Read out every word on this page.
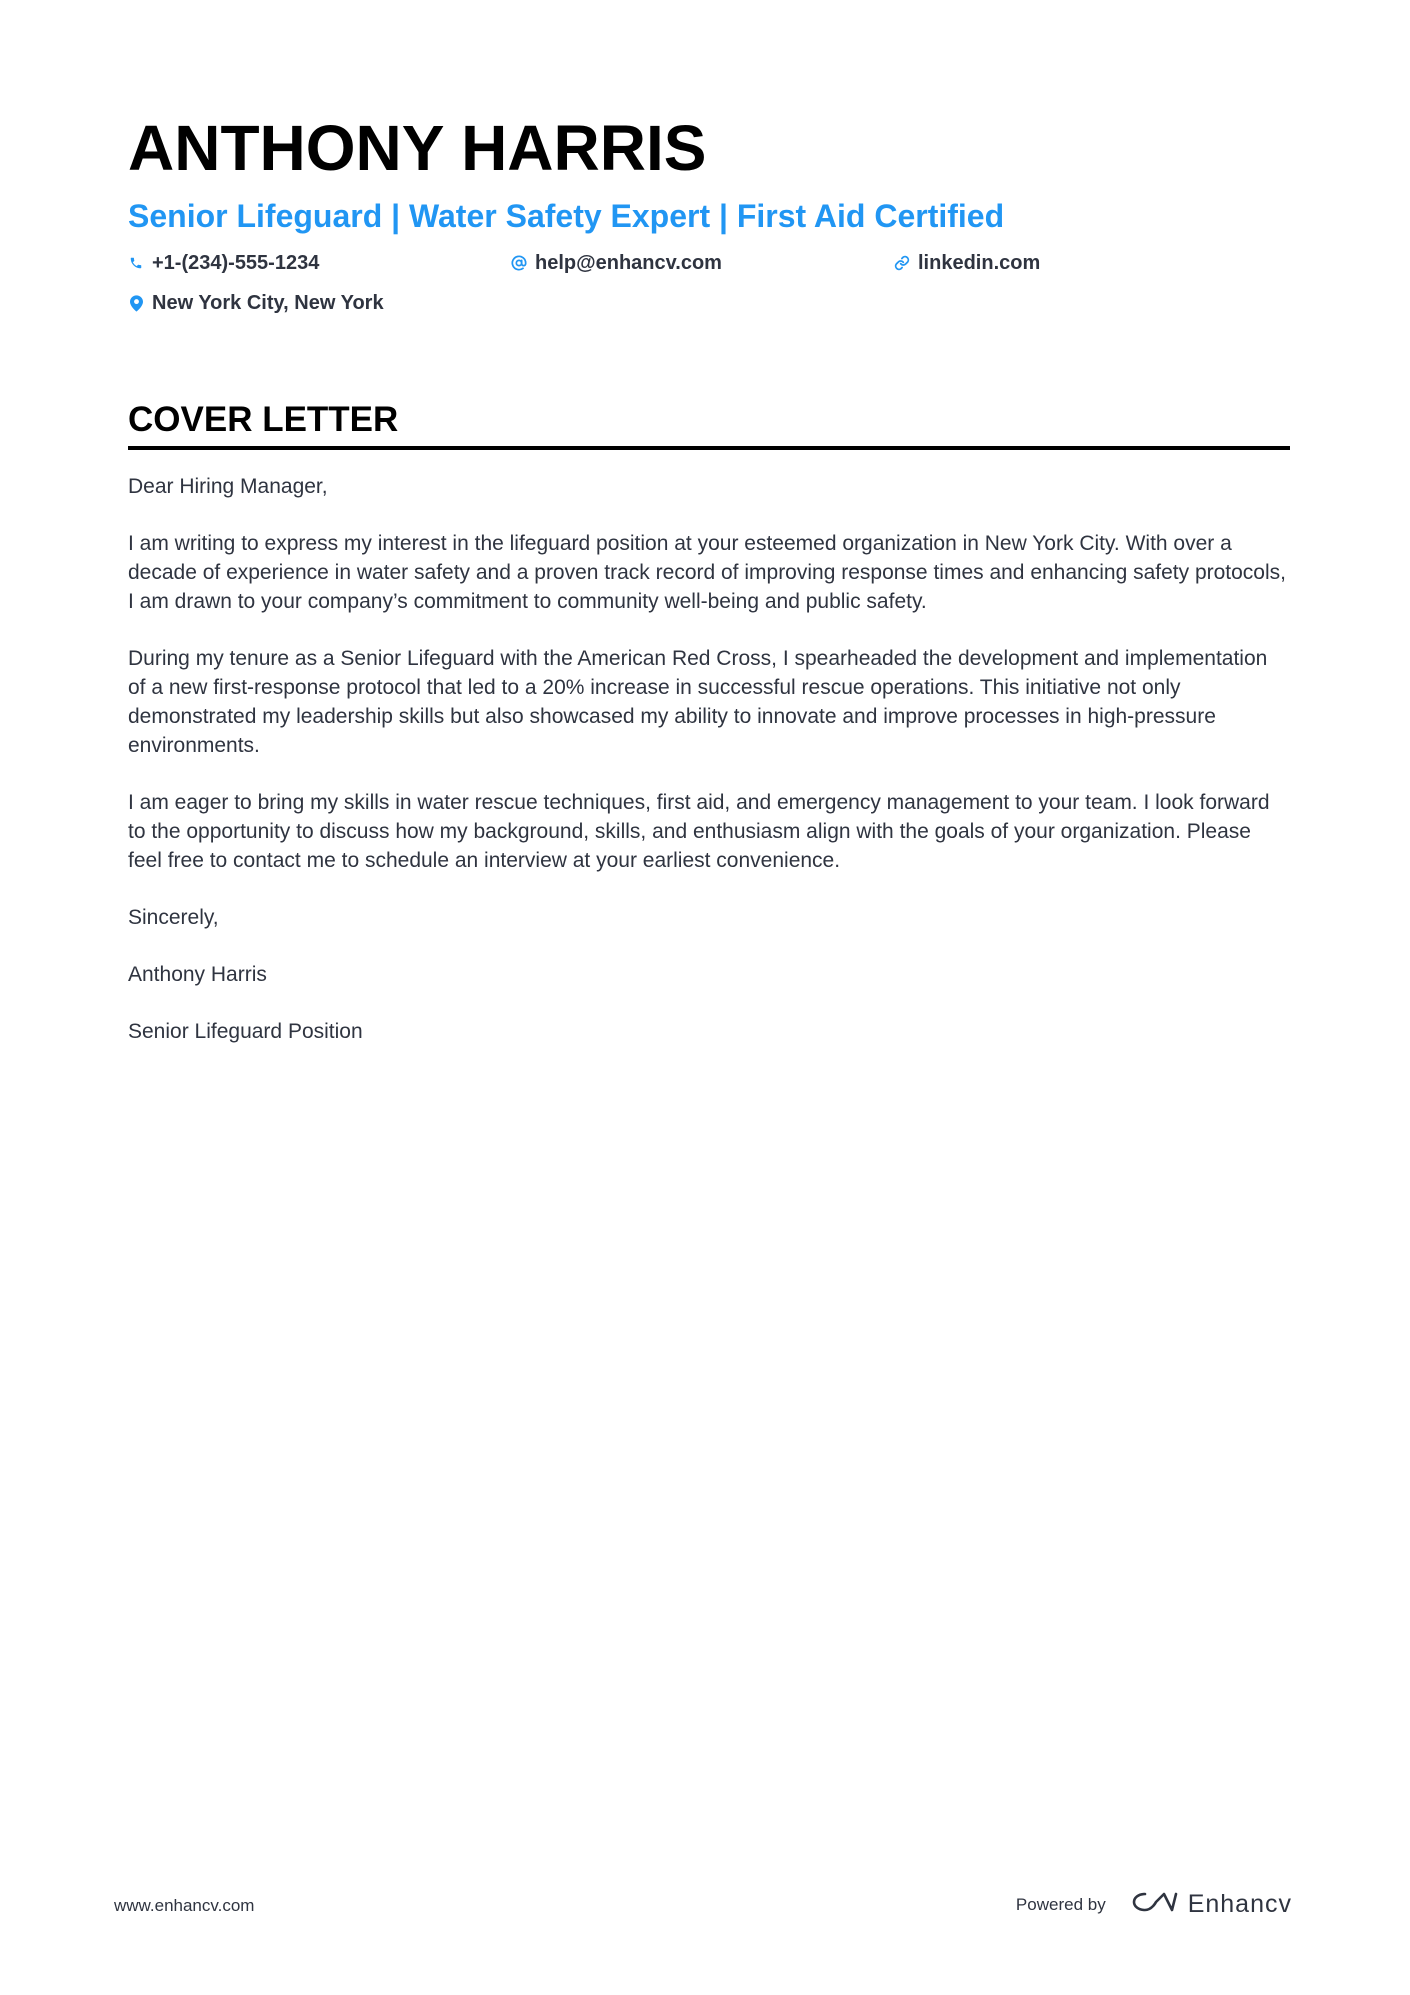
ANTHONY HARRIS
Senior Lifeguard | Water Safety Expert | First Aid Certified
+1-(234)-555-1234	help@enhancv.com	linkedin.com
New York City, New York
COVER LETTER

Dear Hiring Manager,

I am writing to express my interest in the lifeguard position at your esteemed organization in New York City. With over a decade of experience in water safety and a proven track record of improving response times and enhancing safety protocols, I am drawn to your company’s commitment to community well-being and public safety.

During my tenure as a Senior Lifeguard with the American Red Cross, I spearheaded the development and implementation of a new first-response protocol that led to a 20% increase in successful rescue operations. This initiative not only demonstrated my leadership skills but also showcased my ability to innovate and improve processes in high-pressure environments.

I am eager to bring my skills in water rescue techniques, first aid, and emergency management to your team. I look forward to the opportunity to discuss how my background, skills, and enthusiasm align with the goals of your organization. Please feel free to contact me to schedule an interview at your earliest convenience.

Sincerely,

Anthony Harris

Senior Lifeguard Position

www.enhancv.com	Powered by	Enhancv
